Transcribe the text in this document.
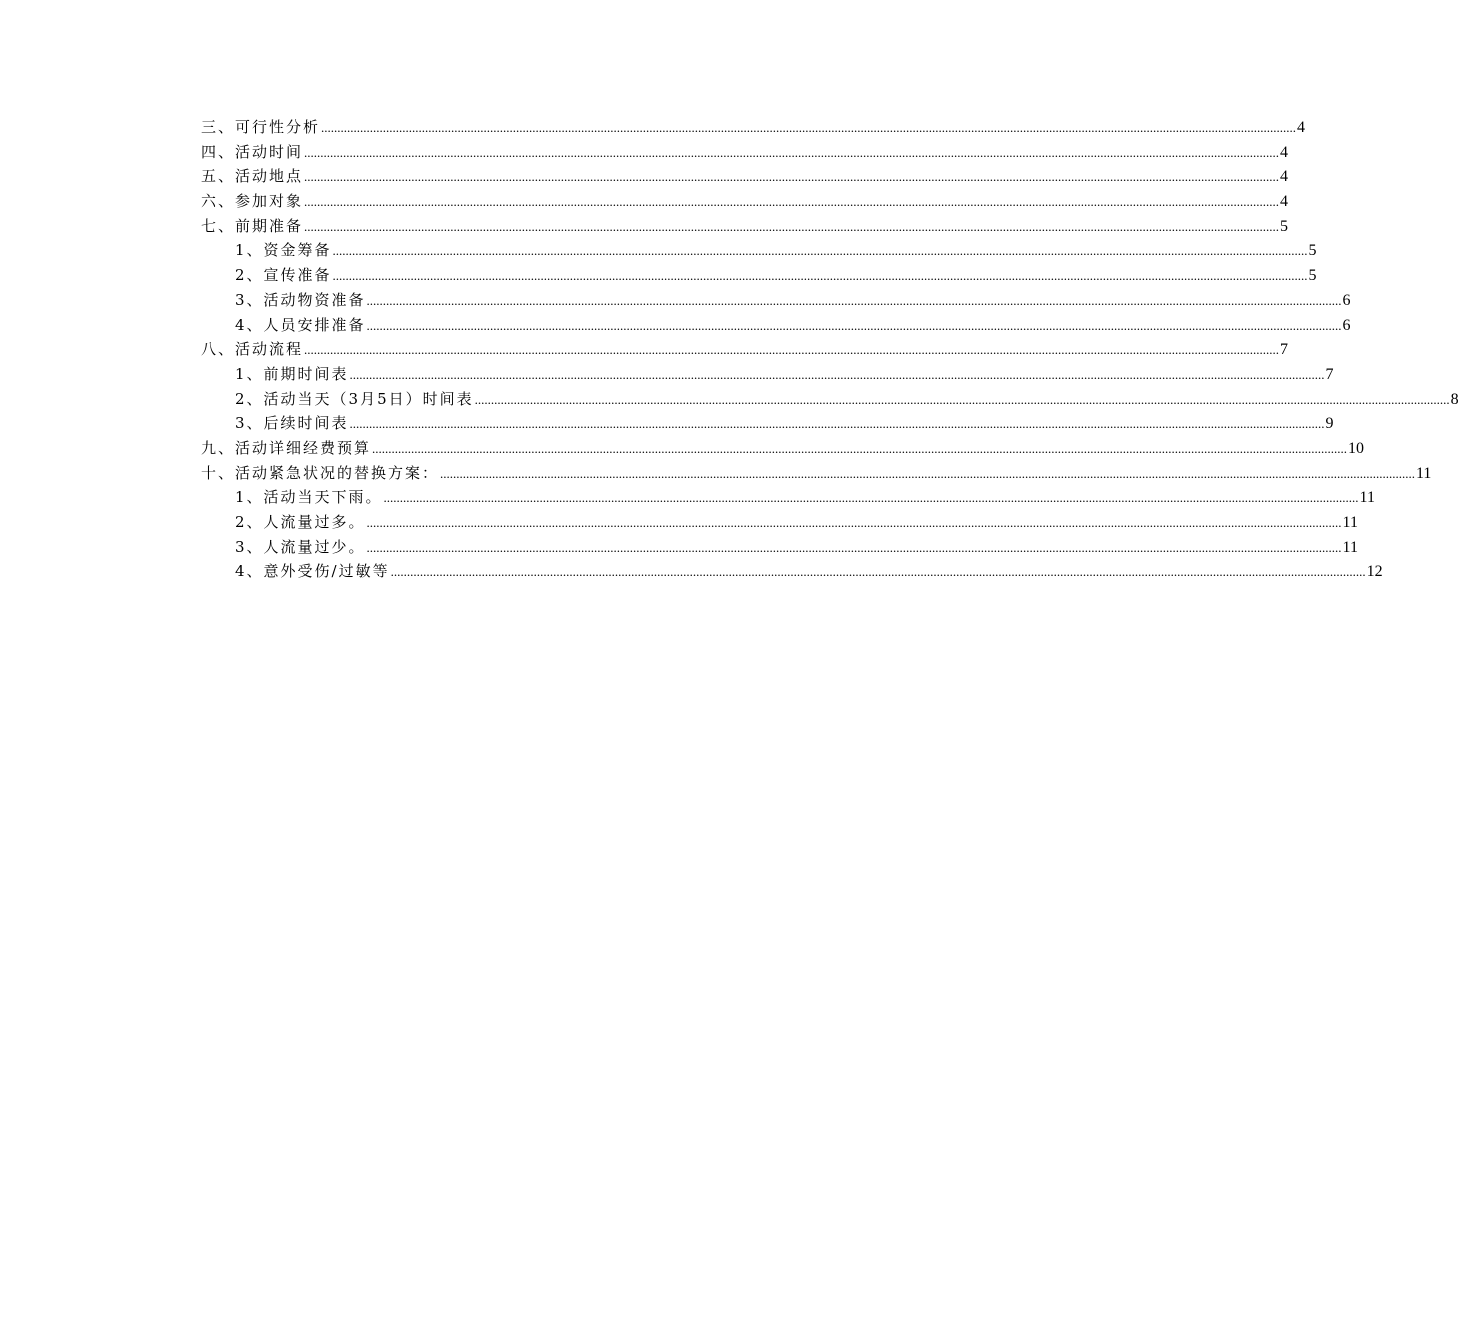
三、可行性分析 ............................................................................................................................................................................................................................................................................................................ 4
四、活动时间 ............................................................................................................................................................................................................................................................................................................ 4
五、活动地点 ............................................................................................................................................................................................................................................................................................................ 4
六、参加对象 ............................................................................................................................................................................................................................................................................................................ 4
七、前期准备 ............................................................................................................................................................................................................................................................................................................ 5
1、资金筹备 ............................................................................................................................................................................................................................................................................................................ 5
2、宣传准备 ............................................................................................................................................................................................................................................................................................................ 5
3、活动物资准备 ............................................................................................................................................................................................................................................................................................................ 6
4、人员安排准备 ............................................................................................................................................................................................................................................................................................................ 6
八、活动流程 ............................................................................................................................................................................................................................................................................................................ 7
1、前期时间表 ............................................................................................................................................................................................................................................................................................................ 7
2、活动当天（3月5日）时间表 ............................................................................................................................................................................................................................................................................................................ 8
3、后续时间表 ............................................................................................................................................................................................................................................................................................................ 9
九、活动详细经费预算 ............................................................................................................................................................................................................................................................................................................ 10
十、活动紧急状况的替换方案： ............................................................................................................................................................................................................................................................................................................ 11
1、活动当天下雨。 ............................................................................................................................................................................................................................................................................................................ 11
2、人流量过多。 ............................................................................................................................................................................................................................................................................................................ 11
3、人流量过少。 ............................................................................................................................................................................................................................................................................................................ 11
4、意外受伤/过敏等 ............................................................................................................................................................................................................................................................................................................ 12
